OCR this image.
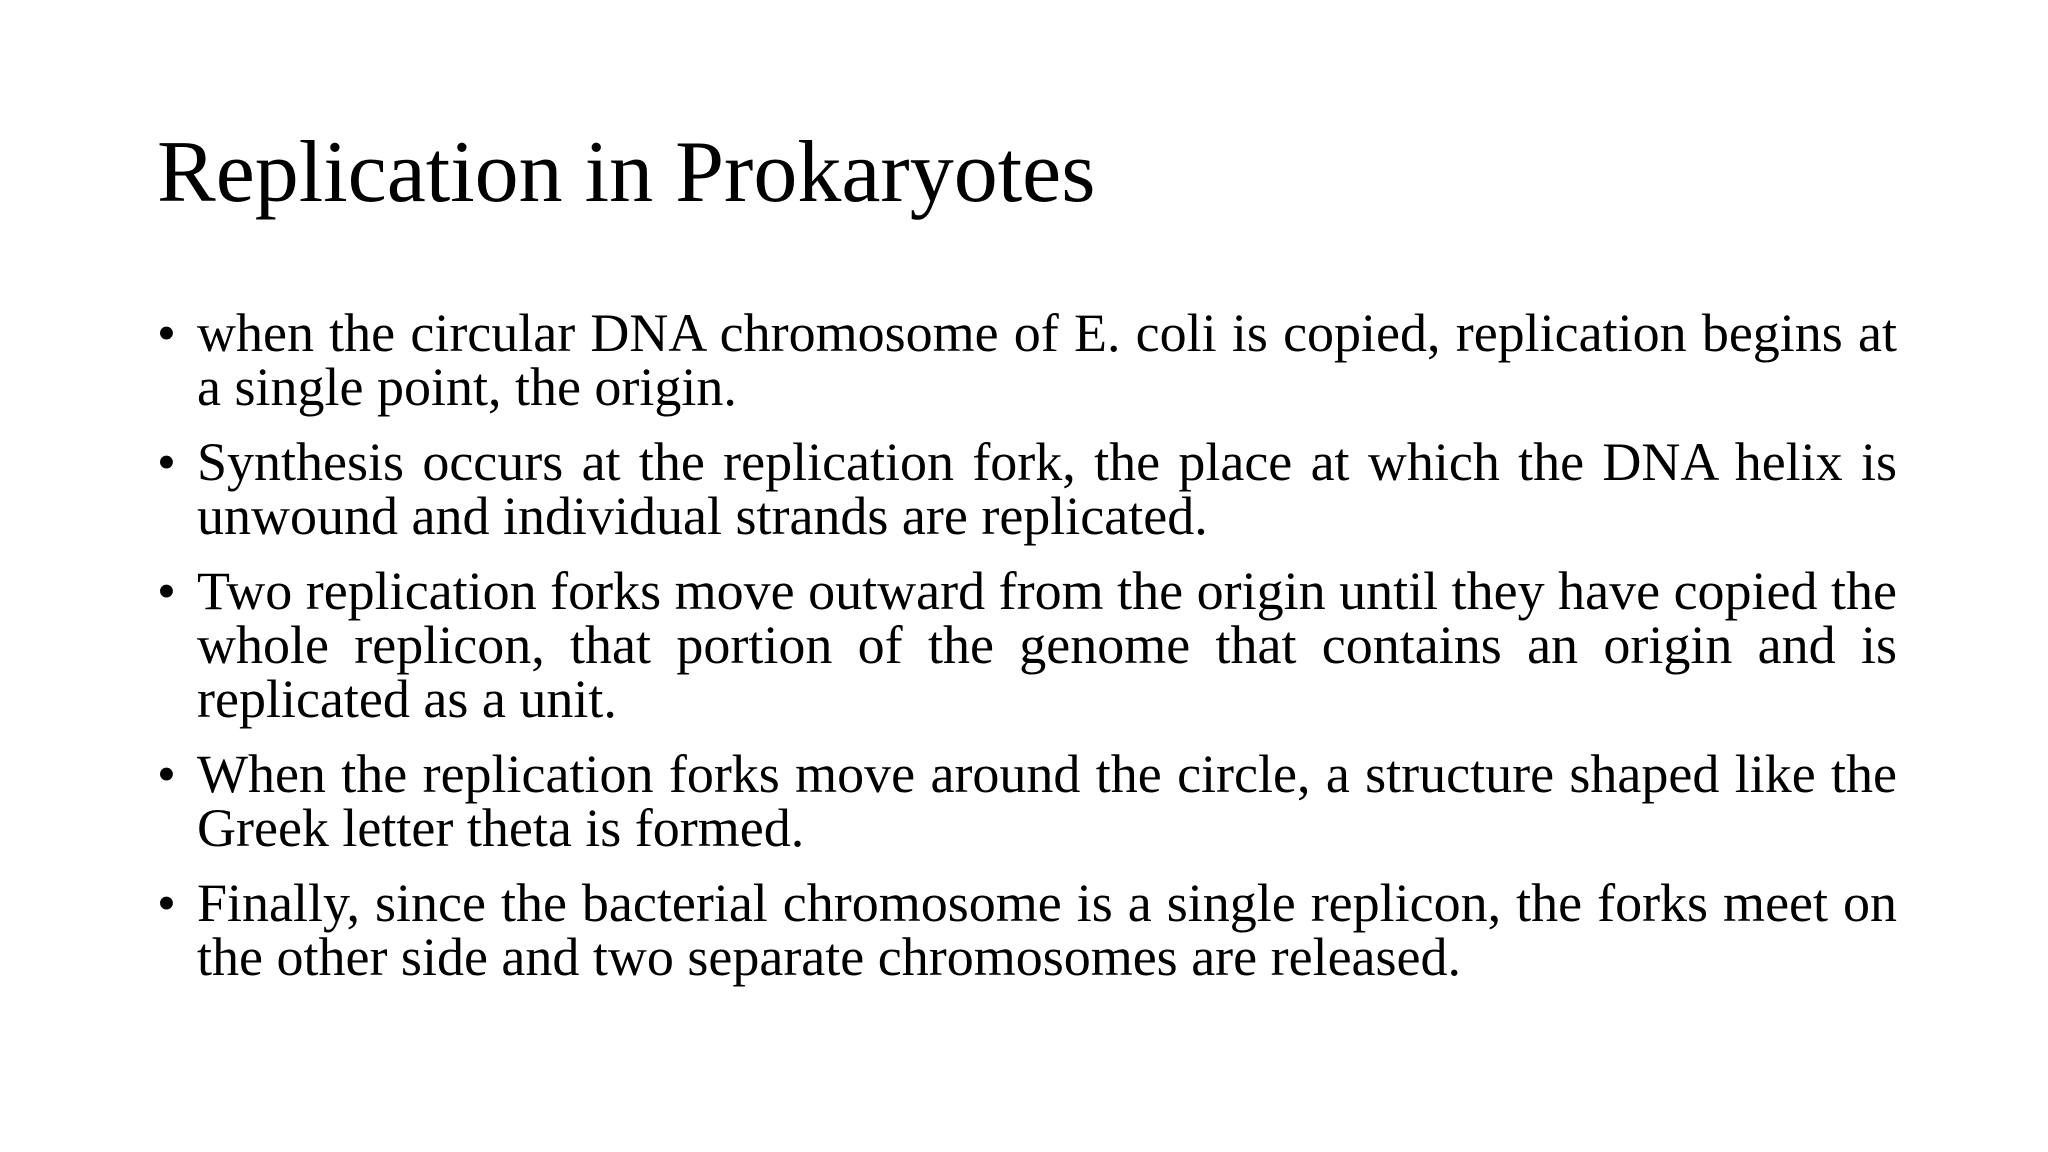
Replication in Prokaryotes
• when the circular DNA chromosome of E. coli is copied, replication begins at a single point, the origin.
• Synthesis occurs at the replication fork, the place at which the DNA helix is unwound and individual strands are replicated.
• Two replication forks move outward from the origin until they have copied the whole replicon, that portion of the genome that contains an origin and is replicated as a unit.
• When the replication forks move around the circle, a structure shaped like the Greek letter theta is formed.
• Finally, since the bacterial chromosome is a single replicon, the forks meet on the other side and two separate chromosomes are released.
